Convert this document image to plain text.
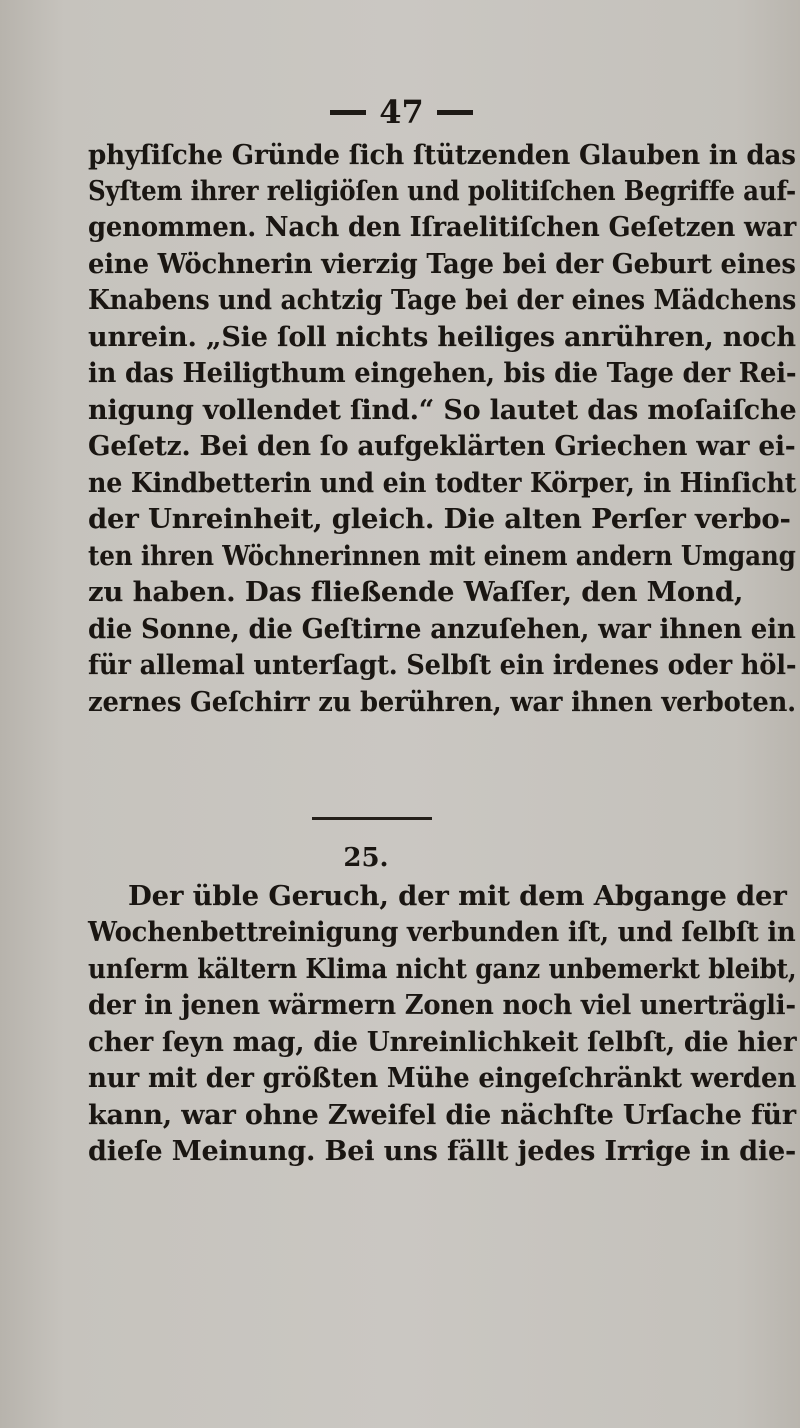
47
phyſiſche Gründe ſich ſtützenden Glauben in das
Syſtem ihrer religiöſen und politiſchen Begriffe auf-
genommen. Nach den Iſraelitiſchen Geſetzen war
eine Wöchnerin vierzig Tage bei der Geburt eines
Knabens und achtzig Tage bei der eines Mädchens
unrein. „Sie ſoll nichts heiliges anrühren, noch
in das Heiligthum eingehen, bis die Tage der Rei-
nigung vollendet ſind.“ So lautet das moſaiſche
Geſetz. Bei den ſo aufgeklärten Griechen war ei-
ne Kindbetterin und ein todter Körper, in Hinſicht
der Unreinheit, gleich. Die alten Perſer verbo-
ten ihren Wöchnerinnen mit einem andern Umgang
zu haben. Das fließende Waſſer, den Mond,
die Sonne, die Geſtirne anzuſehen, war ihnen ein
für allemal unterſagt. Selbſt ein irdenes oder höl-
zernes Geſchirr zu berühren, war ihnen verboten.
25.
Der üble Geruch, der mit dem Abgange der
Wochenbettreinigung verbunden iſt, und ſelbſt in
unſerm kältern Klima nicht ganz unbemerkt bleibt,
der in jenen wärmern Zonen noch viel unerträgli-
cher ſeyn mag, die Unreinlichkeit ſelbſt, die hier
nur mit der größten Mühe eingeſchränkt werden
kann, war ohne Zweifel die nächſte Urſache für
dieſe Meinung. Bei uns fällt jedes Irrige in die-
